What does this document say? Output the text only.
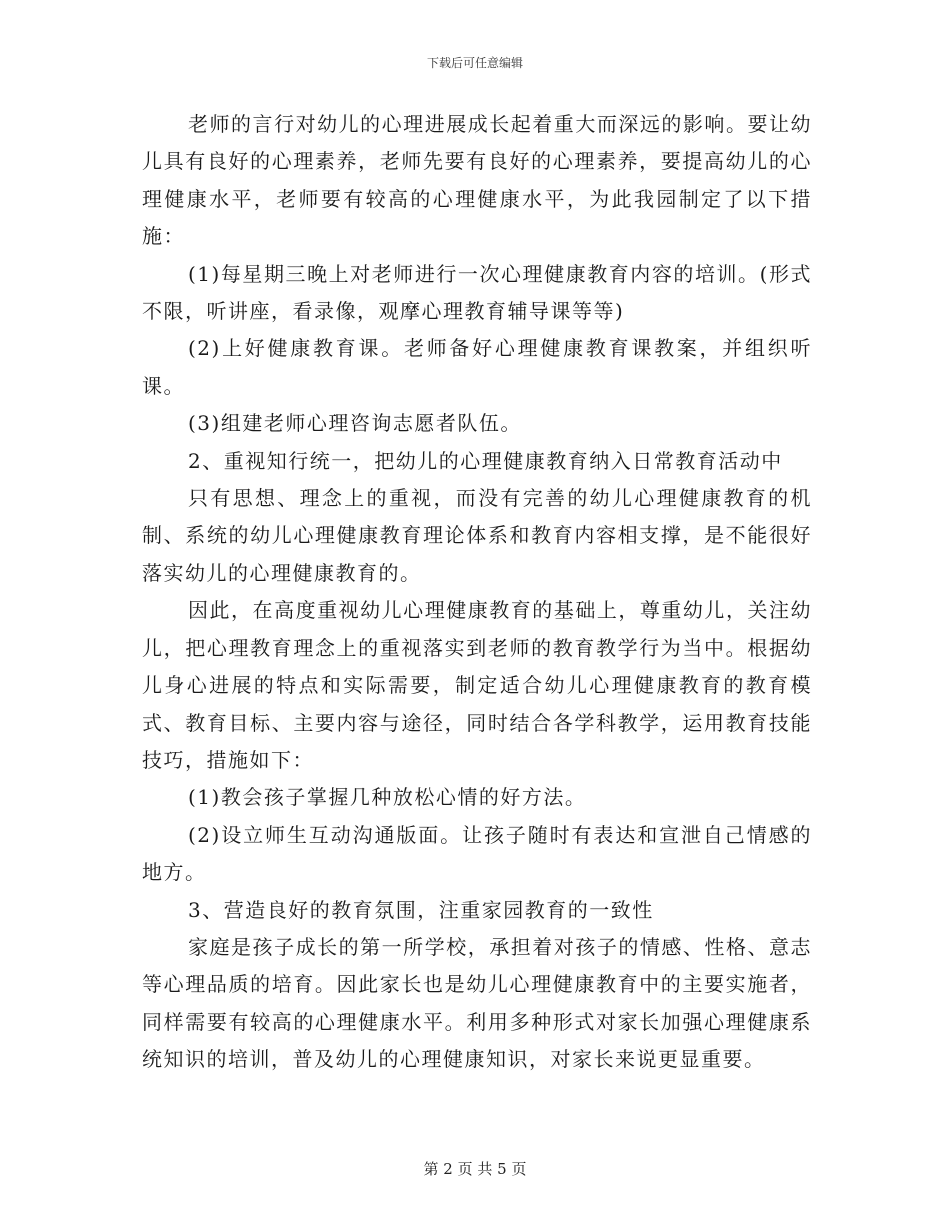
下载后可任意编辑

老师的言行对幼儿的心理进展成长起着重大而深远的影响。要让幼儿具有良好的心理素养，老师先要有良好的心理素养，要提高幼儿的心理健康水平，老师要有较高的心理健康水平，为此我园制定了以下措施：

(1)每星期三晚上对老师进行一次心理健康教育内容的培训。(形式不限，听讲座，看录像，观摩心理教育辅导课等等)

(2)上好健康教育课。老师备好心理健康教育课教案，并组织听课。

(3)组建老师心理咨询志愿者队伍。

2、重视知行统一，把幼儿的心理健康教育纳入日常教育活动中

只有思想、理念上的重视，而没有完善的幼儿心理健康教育的机制、系统的幼儿心理健康教育理论体系和教育内容相支撑，是不能很好落实幼儿的心理健康教育的。

因此，在高度重视幼儿心理健康教育的基础上，尊重幼儿，关注幼儿，把心理教育理念上的重视落实到老师的教育教学行为当中。根据幼儿身心进展的特点和实际需要，制定适合幼儿心理健康教育的教育模式、教育目标、主要内容与途径，同时结合各学科教学，运用教育技能技巧，措施如下：

(1)教会孩子掌握几种放松心情的好方法。

(2)设立师生互动沟通版面。让孩子随时有表达和宣泄自己情感的地方。

3、营造良好的教育氛围，注重家园教育的一致性

家庭是孩子成长的第一所学校，承担着对孩子的情感、性格、意志等心理品质的培育。因此家长也是幼儿心理健康教育中的主要实施者，同样需要有较高的心理健康水平。利用多种形式对家长加强心理健康系统知识的培训，普及幼儿的心理健康知识，对家长来说更显重要。

第 2 页 共 5 页
